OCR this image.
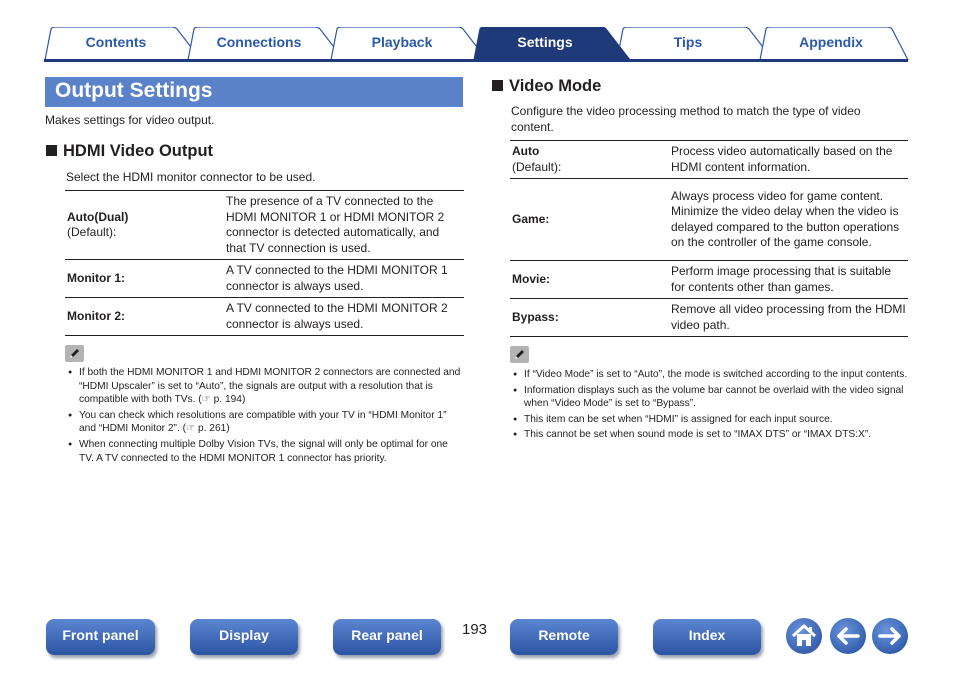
Contents	Connections	Playback	Tips	Appendix
Settings
Output Settings
Makes settings for video output.
HDMI Video Output
Select the HDMI monitor connector to be used.
Auto(Dual)
(Default):	The presence of a TV connected to the HDMI MONITOR 1 or HDMI MONITOR 2 connector is detected automatically, and that TV connection is used.
Monitor 1:	A TV connected to the HDMI MONITOR 1 connector is always used.
Monitor 2:	A TV connected to the HDMI MONITOR 2 connector is always used.
● If both the HDMI MONITOR 1 and HDMI MONITOR 2 connectors are connected and “HDMI Upscaler” is set to “Auto”, the signals are output with a resolution that is compatible with both TVs. (☞ p. 194)
● You can check which resolutions are compatible with your TV in “HDMI Monitor 1” and “HDMI Monitor 2”. (☞ p. 261)
● When connecting multiple Dolby Vision TVs, the signal will only be optimal for one TV. A TV connected to the HDMI MONITOR 1 connector has priority.
Video Mode
Configure the video processing method to match the type of video content.
Auto
(Default):	Process video automatically based on the HDMI content information.
Game:	Always process video for game content. Minimize the video delay when the video is delayed compared to the button operations on the controller of the game console.
Movie:	Perform image processing that is suitable for contents other than games.
Bypass:	Remove all video processing from the HDMI video path.
● If “Video Mode” is set to “Auto”, the mode is switched according to the input contents.
● Information displays such as the volume bar cannot be overlaid with the video signal when “Video Mode” is set to “Bypass”.
● This item can be set when “HDMI” is assigned for each input source.
● This cannot be set when sound mode is set to “IMAX DTS” or “IMAX DTS:X”.
Front panel	Display	Rear panel	193	Remote	Index
